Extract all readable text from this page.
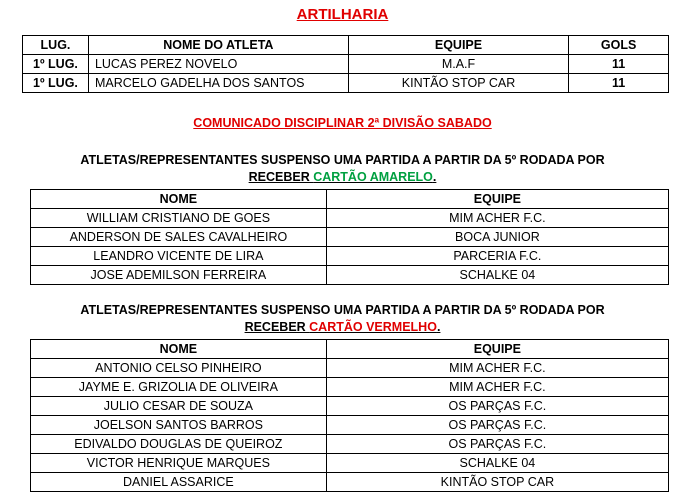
ARTILHARIA
LUG.	NOME DO ATLETA	EQUIPE	GOLS
1º LUG.	LUCAS PEREZ NOVELO	M.A.F	11
1º LUG.	MARCELO GADELHA DOS SANTOS	KINTÃO STOP CAR	11
COMUNICADO DISCIPLINAR 2ª DIVISÃO SABADO
ATLETAS/REPRESENTANTES SUSPENSO UMA PARTIDA A PARTIR DA 5º RODADA POR
RECEBER CARTÃO AMARELO.
NOME	EQUIPE
WILLIAM CRISTIANO DE GOES	MIM ACHER F.C.
ANDERSON DE SALES CAVALHEIRO	BOCA JUNIOR
LEANDRO VICENTE DE LIRA	PARCERIA F.C.
JOSE ADEMILSON FERREIRA	SCHALKE 04
ATLETAS/REPRESENTANTES SUSPENSO UMA PARTIDA A PARTIR DA 5º RODADA POR
RECEBER CARTÃO VERMELHO.
NOME	EQUIPE
ANTONIO CELSO PINHEIRO	MIM ACHER F.C.
JAYME E. GRIZOLIA DE OLIVEIRA	MIM ACHER F.C.
JULIO CESAR DE SOUZA	OS PARÇAS F.C.
JOELSON SANTOS BARROS	OS PARÇAS F.C.
EDIVALDO DOUGLAS DE QUEIROZ	OS PARÇAS F.C.
VICTOR HENRIQUE MARQUES	SCHALKE 04
DANIEL ASSARICE	KINTÃO STOP CAR
